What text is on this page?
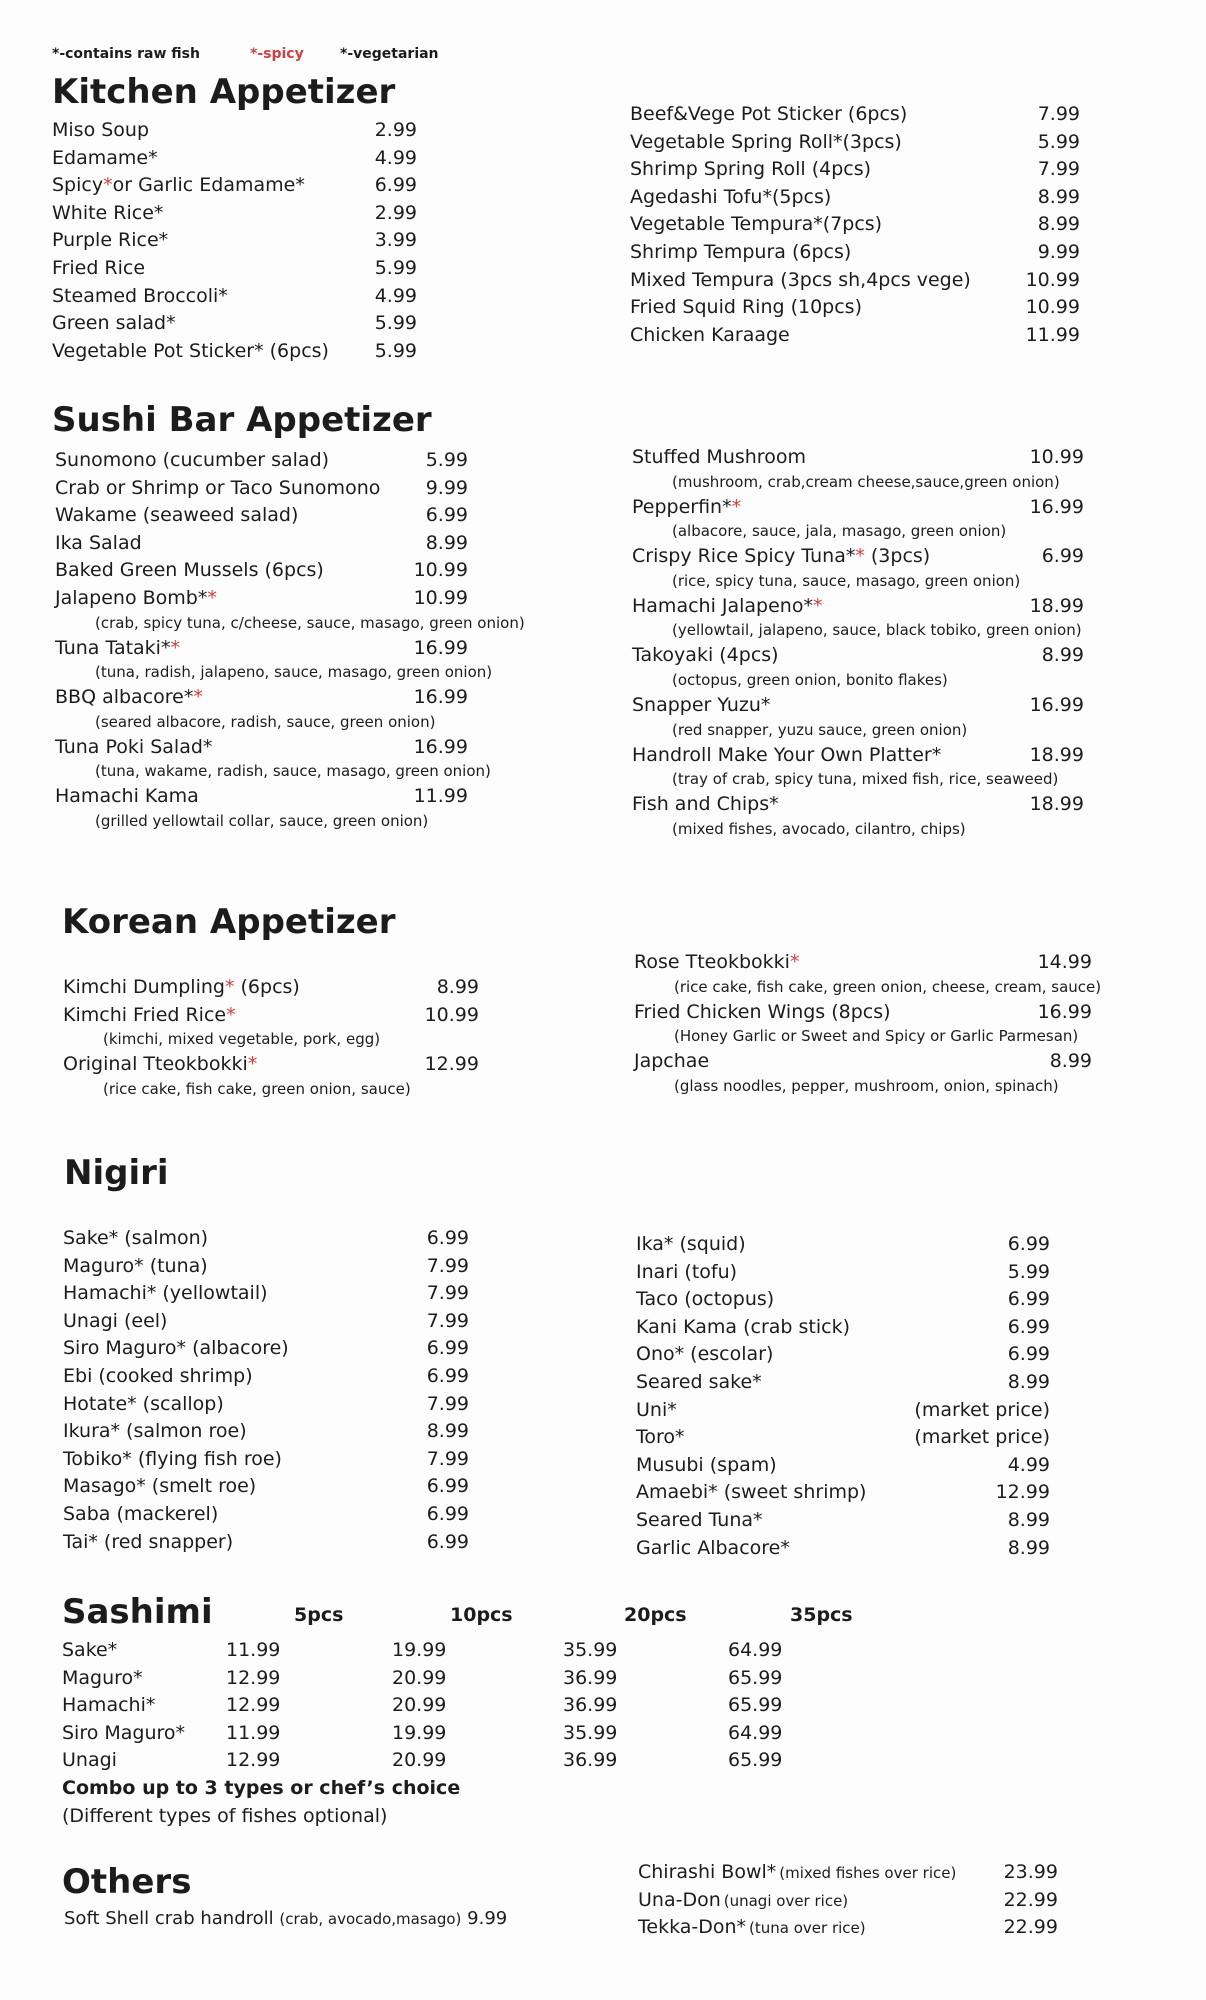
*-contains raw fish	*-spicy	*-vegetarian
Kitchen Appetizer
Miso Soup	2.99
Edamame*	4.99
Spicy*or Garlic Edamame*	6.99
White Rice*	2.99
Purple Rice*	3.99
Fried Rice	5.99
Steamed Broccoli*	4.99
Green salad*	5.99
Vegetable Pot Sticker* (6pcs) 5.99
Beef&Vege Pot Sticker (6pcs)	7.99
Vegetable Spring Roll*(3pcs)	5.99
Shrimp Spring Roll (4pcs)	7.99
Agedashi Tofu*(5pcs)	8.99
Vegetable Tempura*(7pcs)	8.99
Shrimp Tempura (6pcs)	9.99
Mixed Tempura (3pcs sh,4pcs vege)	10.99
Fried Squid Ring (10pcs)	10.99
Chicken Karaage	11.99
Sushi Bar Appetizer
Sunomono (cucumber salad)	5.99
Crab or Shrimp or Taco Sunomono 9.99
Wakame (seaweed salad)	6.99
Ika Salad	8.99
Baked Green Mussels (6pcs)	10.99
Jalapeno Bomb**	10.99
(crab, spicy tuna, c/cheese, sauce, masago, green onion)
Tuna Tataki**	16.99
(tuna, radish, jalapeno, sauce, masago, green onion)
BBQ albacore**	16.99
(seared albacore, radish, sauce, green onion)
Tuna Poki Salad*	16.99
(tuna, wakame, radish, sauce, masago, green onion)
Hamachi Kama	11.99
(grilled yellowtail collar, sauce, green onion)
Stuffed Mushroom	10.99
(mushroom, crab,cream cheese,sauce,green onion)
Pepperfin**	16.99
(albacore, sauce, jala, masago, green onion)
Crispy Rice Spicy Tuna** (3pcs)	6.99
(rice, spicy tuna, sauce, masago, green onion)
Hamachi Jalapeno**	18.99
(yellowtail, jalapeno, sauce, black tobiko, green onion)
Takoyaki (4pcs)	8.99
(octopus, green onion, bonito flakes)
Snapper Yuzu*	16.99
(red snapper, yuzu sauce, green onion)
Handroll Make Your Own Platter*	18.99
(tray of crab, spicy tuna, mixed fish, rice, seaweed)
Fish and Chips*	18.99
(mixed fishes, avocado, cilantro, chips)
Korean Appetizer
Kimchi Dumpling* (6pcs)	8.99
Kimchi Fried Rice*	10.99
(kimchi, mixed vegetable, pork, egg)
Original Tteokbokki*	12.99
(rice cake, fish cake, green onion, sauce)
Rose Tteokbokki*	14.99
(rice cake, fish cake, green onion, cheese, cream, sauce)
Fried Chicken Wings (8pcs)	16.99
(Honey Garlic or Sweet and Spicy or Garlic Parmesan)
Japchae	8.99
(glass noodles, pepper, mushroom, onion, spinach)
Nigiri
Sake* (salmon)	6.99
Maguro* (tuna)	7.99
Hamachi* (yellowtail)	7.99
Unagi (eel)	7.99
Siro Maguro* (albacore)	6.99
Ebi (cooked shrimp)	6.99
Hotate* (scallop)	7.99
Ikura* (salmon roe)	8.99
Tobiko* (flying fish roe)	7.99
Masago* (smelt roe)	6.99
Saba (mackerel)	6.99
Tai* (red snapper)	6.99
Ika* (squid)	6.99
Inari (tofu)	5.99
Taco (octopus)	6.99
Kani Kama (crab stick)	6.99
Ono* (escolar)	6.99
Seared sake*	8.99
Uni*	(market price)
Toro*	(market price)
Musubi (spam)	4.99
Amaebi* (sweet shrimp)	12.99
Seared Tuna*	8.99
Garlic Albacore*	8.99
Sashimi	5pcs	10pcs	20pcs	35pcs
Sake*	11.99	19.99	35.99	64.99
Maguro*	12.99	20.99	36.99	65.99
Hamachi*	12.99	20.99	36.99	65.99
Siro Maguro* 11.99	19.99	35.99	64.99
Unagi	12.99	20.99	36.99	65.99
Combo up to 3 types or chef’s choice
(Different types of fishes optional)
Others
Soft Shell crab handroll (crab, avocado,masago) 9.99
Chirashi Bowl* (mixed fishes over rice) 23.99
Una-Don (unagi over rice)	22.99
Tekka-Don* (tuna over rice)	22.99
